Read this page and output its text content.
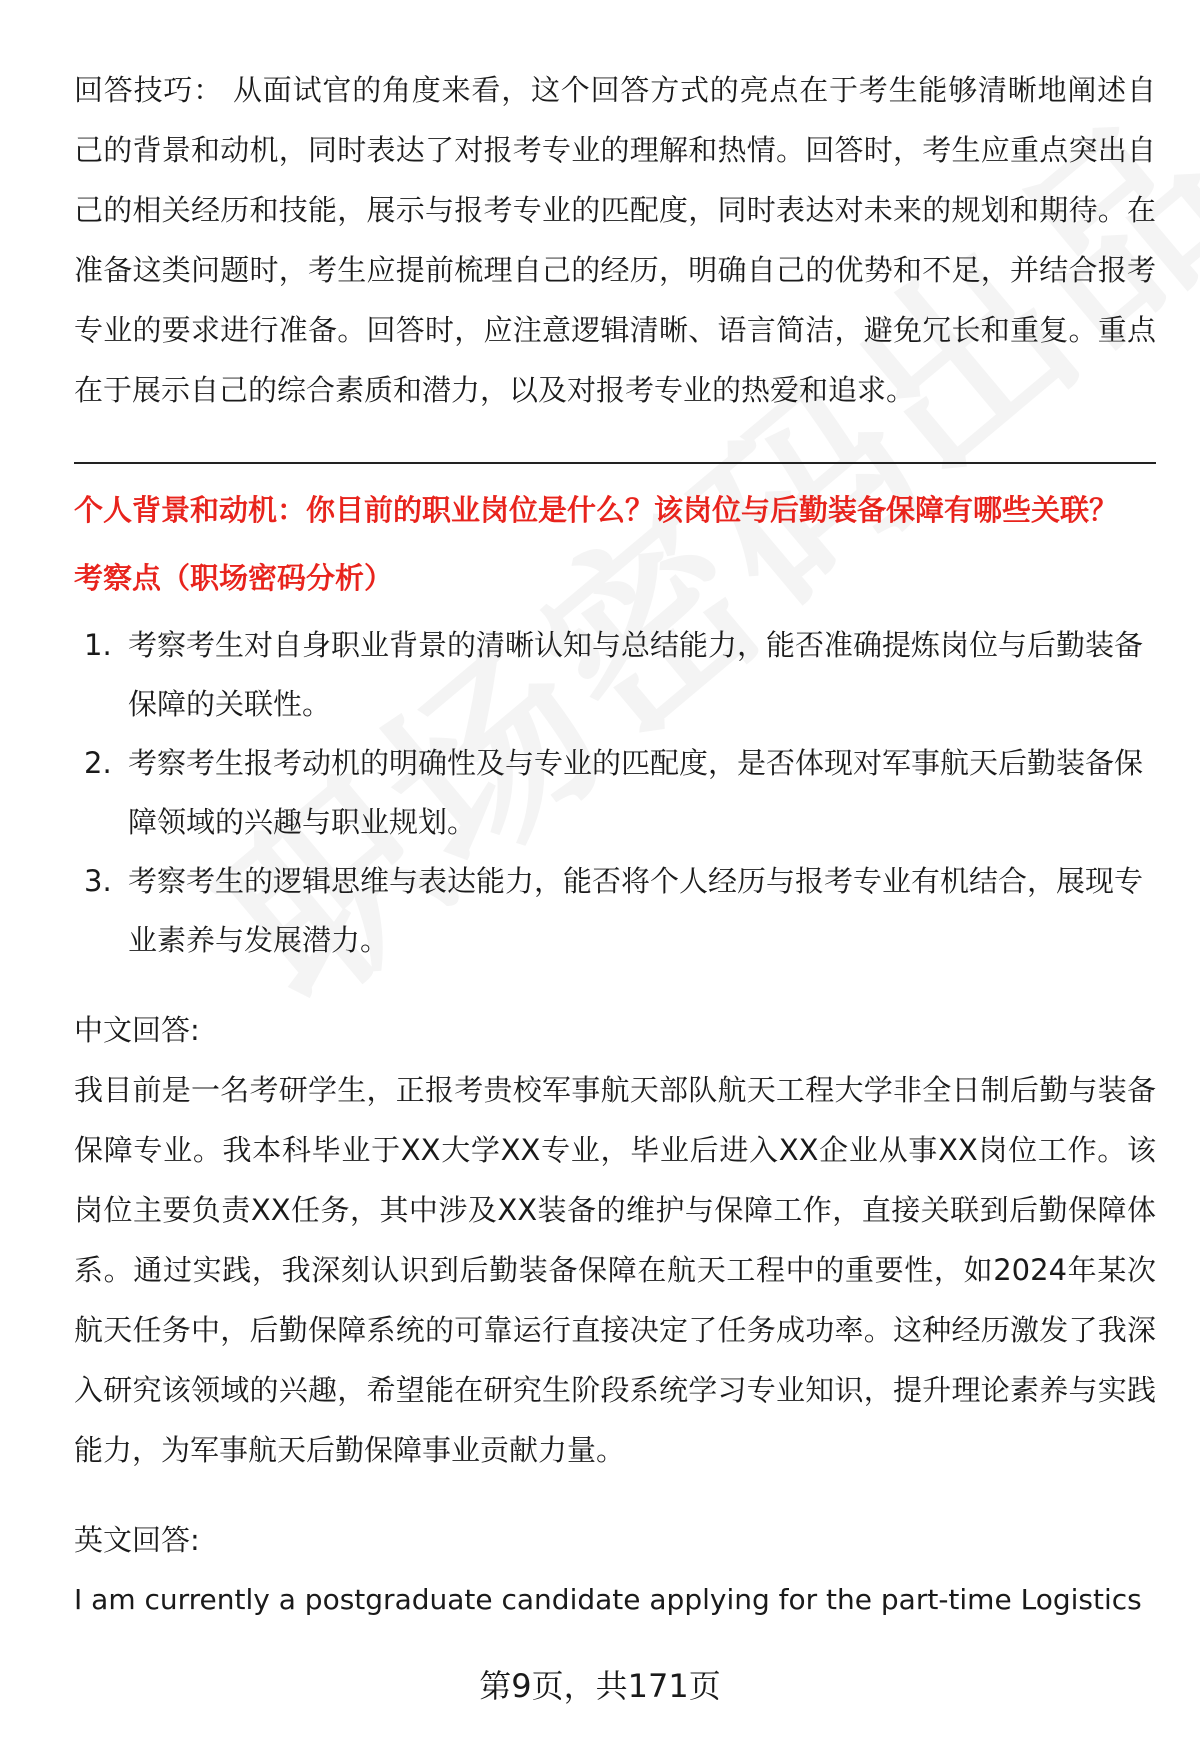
回答技巧： 从面试官的角度来看，这个回答方式的亮点在于考生能够清晰地阐述自己的背景和动机，同时表达了对报考专业的理解和热情。回答时，考生应重点突出自己的相关经历和技能，展示与报考专业的匹配度，同时表达对未来的规划和期待。在准备这类问题时，考生应提前梳理自己的经历，明确自己的优势和不足，并结合报考专业的要求进行准备。回答时，应注意逻辑清晰、语言简洁，避免冗长和重复。重点在于展示自己的综合素质和潜力，以及对报考专业的热爱和追求。

个人背景和动机：你目前的职业岗位是什么？该岗位与后勤装备保障有哪些关联？

考察点（职场密码分析）

1. 考察考生对自身职业背景的清晰认知与总结能力，能否准确提炼岗位与后勤装备保障的关联性。
2. 考察考生报考动机的明确性及与专业的匹配度，是否体现对军事航天后勤装备保障领域的兴趣与职业规划。
3. 考察考生的逻辑思维与表达能力，能否将个人经历与报考专业有机结合，展现专业素养与发展潜力。

中文回答:

我目前是一名考研学生，正报考贵校军事航天部队航天工程大学非全日制后勤与装备保障专业。我本科毕业于XX大学XX专业，毕业后进入XX企业从事XX岗位工作。该岗位主要负责XX任务，其中涉及XX装备的维护与保障工作，直接关联到后勤保障体系。通过实践，我深刻认识到后勤装备保障在航天工程中的重要性，如2024年某次航天任务中，后勤保障系统的可靠运行直接决定了任务成功率。这种经历激发了我深入研究该领域的兴趣，希望能在研究生阶段系统学习专业知识，提升理论素养与实践能力，为军事航天后勤保障事业贡献力量。

英文回答:

I am currently a postgraduate candidate applying for the part-time Logistics

第9页，共171页
